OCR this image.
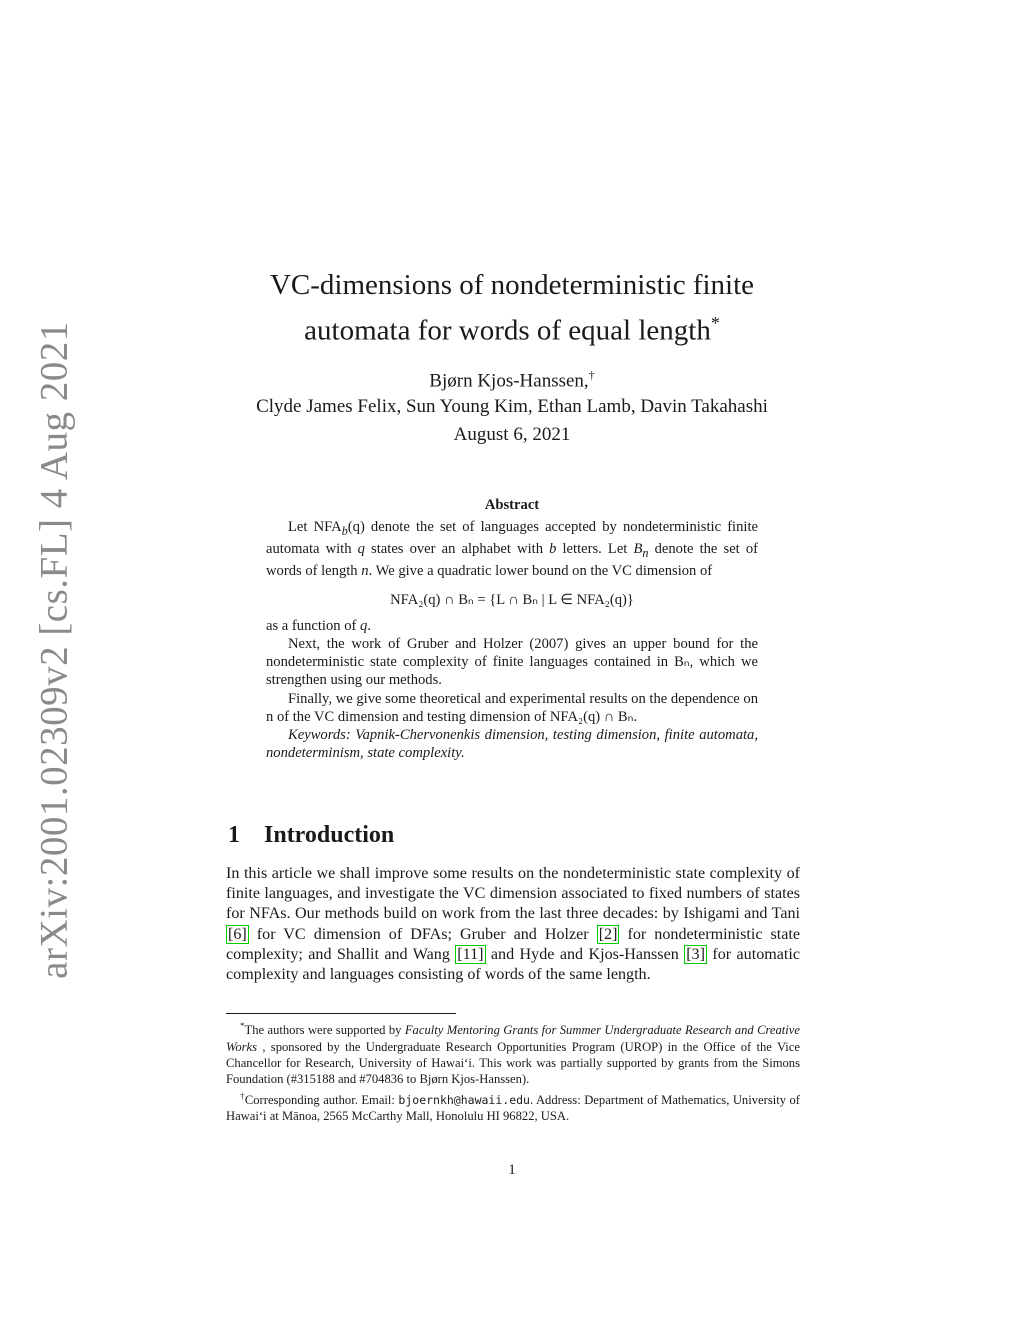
arXiv:2001.02309v2 [cs.FL] 4 Aug 2021
VC-dimensions of nondeterministic finite
automata for words of equal length*
Bjørn Kjos-Hanssen,†
Clyde James Felix, Sun Young Kim, Ethan Lamb, Davin Takahashi
August 6, 2021
Abstract

Let $NFA_b(q)$ denote the set of languages accepted by nondeterministic finite automata with q states over an alphabet with b letters. Let $B_n$ denote the set of words of length n. We give a quadratic lower bound on the VC dimension of

NFA₂(q) ∩ Bₙ = {L ∩ Bₙ | L ∈ NFA₂(q)}

as a function of q.

Next, the work of Gruber and Holzer (2007) gives an upper bound for the nondeterministic state complexity of finite languages contained in Bₙ, which we strengthen using our methods.

Finally, we give some theoretical and experimental results on the dependence on n of the VC dimension and testing dimension of NFA₂(q) ∩ Bₙ.

Keywords: Vapnik-Chervonenkis dimension, testing dimension, finite automata, nondeterminism, state complexity.

1 Introduction

In this article we shall improve some results on the nondeterministic state complexity of finite languages, and investigate the VC dimension associated to fixed numbers of states for NFAs. Our methods build on work from the last three decades: by Ishigami and Tani [6] for VC dimension of DFAs; Gruber and Holzer [2] for nondeterministic state complexity; and Shallit and Wang [11] and Hyde and Kjos-Hanssen [3] for automatic complexity and languages consisting of words of the same length.

*The authors were supported by Faculty Mentoring Grants for Summer Undergraduate Research and Creative Works , sponsored by the Undergraduate Research Opportunities Program (UROP) in the Office of the Vice Chancellor for Research, University of Hawai‘i. This work was partially supported by grants from the Simons Foundation (#315188 and #704836 to Bjørn Kjos-Hanssen).

†Corresponding author. Email: bjoernkh@hawaii.edu. Address: Department of Mathematics, University of Hawai‘i at Mānoa, 2565 McCarthy Mall, Honolulu HI 96822, USA.

1
